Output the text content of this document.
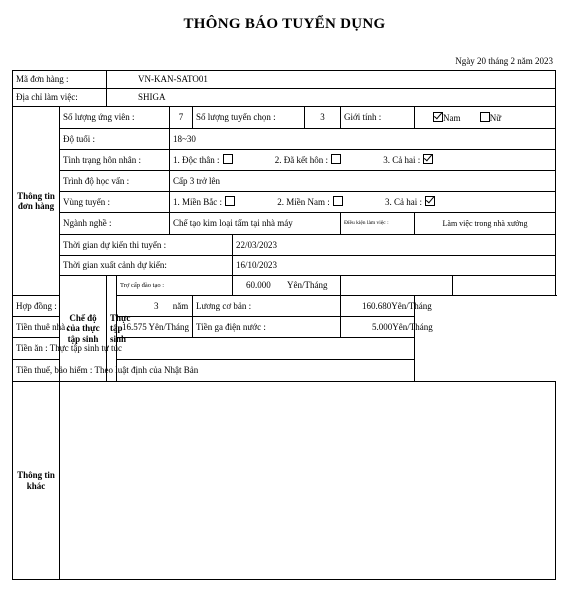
THÔNG BÁO TUYỂN DỤNG
Ngày 20 tháng 2 năm 2023
Mã đơn hàng :		VN-KAN-SATO01								
Địa chỉ làm việc:		SHIGA								
Thông tin đơn hàng	Số lượng ứng viên :			7	Số lượng tuyển chọn :		3	Giới tính :	Nam Nữ	
	Độ tuổi :			18~30						
	Tình trạng hôn nhân :			1. Độc thân : 2. Đã kết hôn : 3. Cả hai :						
	Trình độ học vấn :			Cấp 3 trở lên						
	Vùng tuyển :			1. Miền Bắc : 2. Miền Nam : 3. Cả hai :						
	Ngành nghề :			Chế tạo kim loại tấm tại nhà máy				Điều kiện làm việc :	Làm việc trong nhà xưởng	
	Thời gian dự kiến thi tuyển :					22/03/2023				
	Thời gian xuất cảnh dự kiến:					16/10/2023				
	Chế độ của thực tập sinh	Thực tập sinh	Trợ cấp đào tạo :			60.000 Yên/Tháng				
Hợp đồng :			3 năm		Lương cơ bản :			160.680 Yên/Tháng		

Tiền thuê nhà :			16.575 Yên/Tháng		Tiền ga điện nước :			5.000 Yên/Tháng		

Tiền ăn : Thực tập sinh tự túc										
Tiền thuế, bảo hiểm : Theo luật định của Nhật Bản										
Thông tin khác										
